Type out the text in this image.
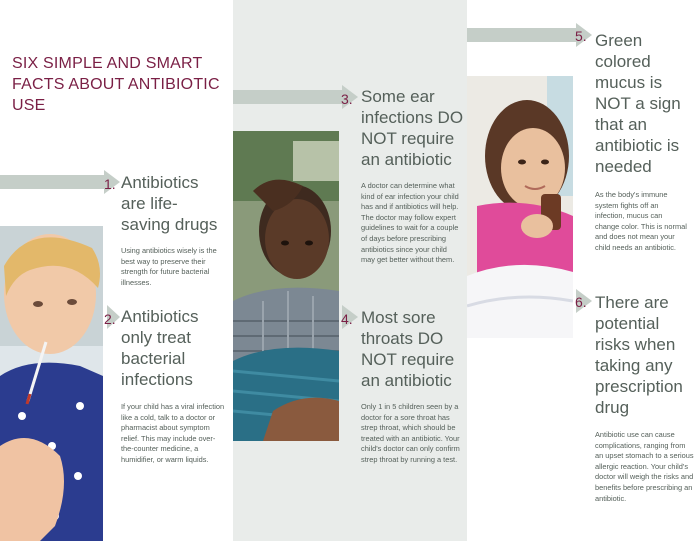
SIX SIMPLE AND SMART FACTS ABOUT ANTIBIOTIC USE
1. Antibiotics are life-saving drugs
Using antibiotics wisely is the best way to preserve their strength for future bacterial illnesses.
2. Antibiotics only treat bacterial infections
If your child has a viral infection like a cold, talk to a doctor or pharmacist about symptom relief. This may include over-the-counter medicine, a humidifier, or warm liquids.
3. Some ear infections DO NOT require an antibiotic
A doctor can determine what kind of ear infection your child has and if antibiotics will help. The doctor may follow expert guidelines to wait for a couple of days before prescribing antibiotics since your child may get better without them.
4. Most sore throats DO NOT require an antibiotic
Only 1 in 5 children seen by a doctor for a sore throat has strep throat, which should be treated with an antibiotic. Your child's doctor can only confirm strep throat by running a test.
5. Green colored mucus is NOT a sign that an antibiotic is needed
As the body's immune system fights off an infection, mucus can change color. This is normal and does not mean your child needs an antibiotic.
6. There are potential risks when taking any prescription drug
Antibiotic use can cause complications, ranging from an upset stomach to a serious allergic reaction. Your child's doctor will weigh the risks and benefits before prescribing an antibiotic.
